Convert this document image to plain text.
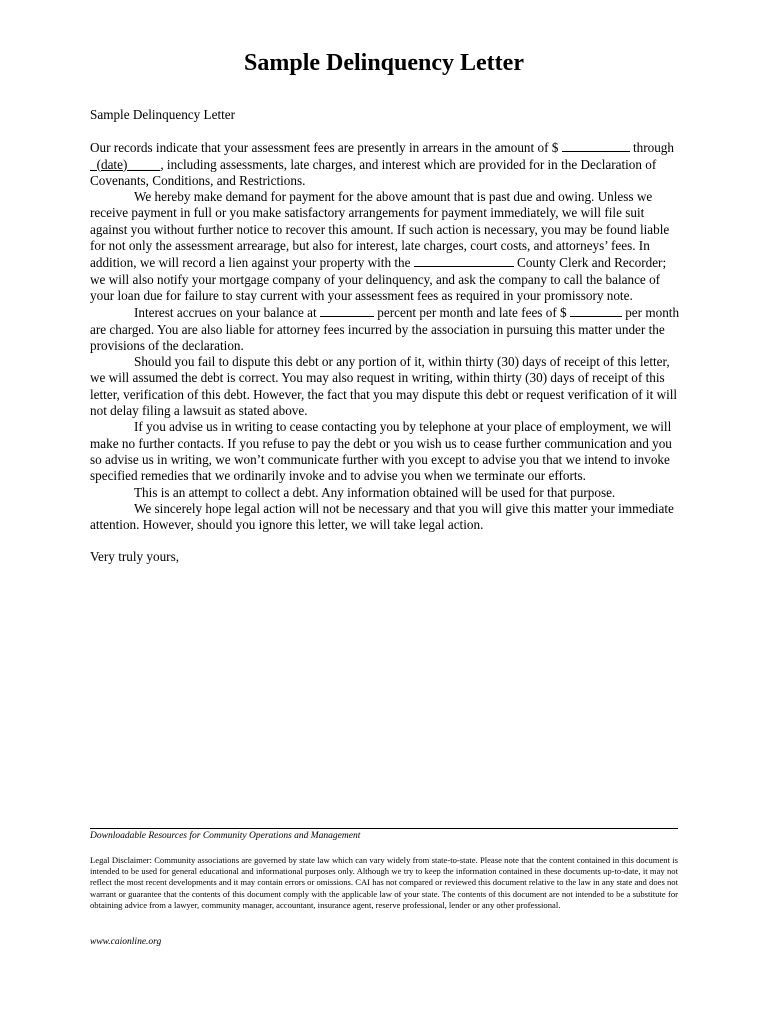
Sample Delinquency Letter

Sample Delinquency Letter

Our records indicate that your assessment fees are presently in arrears in the amount of $	through _(date)_____, including assessments, late charges, and interest which are provided for in the Declaration of Covenants, Conditions, and Restrictions.

We hereby make demand for payment for the above amount that is past due and owing. Unless we receive payment in full or you make satisfactory arrangements for payment immediately, we will file suit against you without further notice to recover this amount. If such action is necessary, you may be found liable for not only the assessment arrearage, but also for interest, late charges, court costs, and attorneys’ fees. In addition, we will record a lien against your property with the	County Clerk and Recorder; we will also notify your mortgage company of your delinquency, and ask the company to call the balance of your loan due for failure to stay current with your assessment fees as required in your promissory note.

Interest accrues on your balance at	percent per month and late fees of $	per month are charged. You are also liable for attorney fees incurred by the association in pursuing this matter under the provisions of the declaration.

Should you fail to dispute this debt or any portion of it, within thirty (30) days of receipt of this letter, we will assumed the debt is correct. You may also request in writing, within thirty (30) days of receipt of this letter, verification of this debt. However, the fact that you may dispute this debt or request verification of it will not delay filing a lawsuit as stated above.

If you advise us in writing to cease contacting you by telephone at your place of employment, we will make no further contacts. If you refuse to pay the debt or you wish us to cease further communication and you so advise us in writing, we won’t communicate further with you except to advise you that we intend to invoke specified remedies that we ordinarily invoke and to advise you when we terminate our efforts.

This is an attempt to collect a debt. Any information obtained will be used for that purpose.

We sincerely hope legal action will not be necessary and that you will give this matter your immediate attention. However, should you ignore this letter, we will take legal action.

Very truly yours,

Downloadable Resources for Community Operations and Management
Legal Disclaimer: Community associations are governed by state law which can vary widely from state-to-state. Please note that the content contained in this document is intended to be used for general educational and informational purposes only. Although we try to keep the information contained in these documents up-to-date, it may not reflect the most recent developments and it may contain errors or omissions. CAI has not compared or reviewed this document relative to the law in any state and does not warrant or guarantee that the contents of this document comply with the applicable law of your state. The contents of this document are not intended to be a substitute for obtaining advice from a lawyer, community manager, accountant, insurance agent, reserve professional, lender or any other professional.
www.caionline.org
